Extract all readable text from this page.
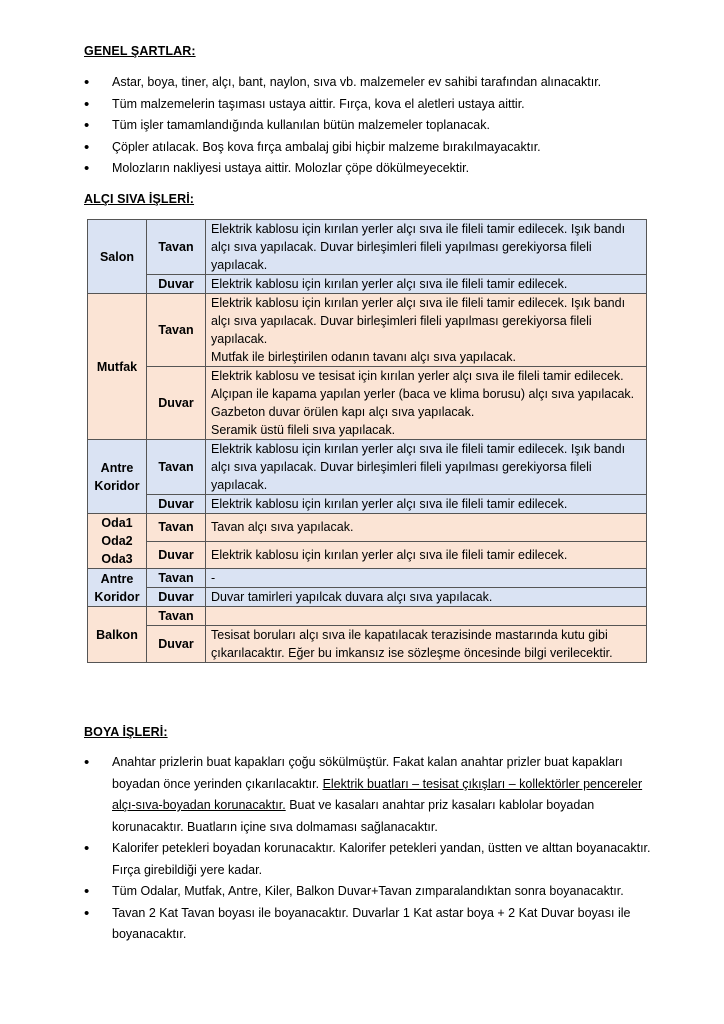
GENEL ŞARTLAR:
• Astar, boya, tiner, alçı, bant, naylon, sıva vb. malzemeler ev sahibi tarafından alınacaktır.
• Tüm malzemelerin taşıması ustaya aittir. Fırça, kova el aletleri ustaya aittir.
• Tüm işler tamamlandığında kullanılan bütün malzemeler toplanacak.
• Çöpler atılacak. Boş kova fırça ambalaj gibi hiçbir malzeme bırakılmayacaktır.
• Molozların nakliyesi ustaya aittir. Molozlar çöpe dökülmeyecektir.
ALÇI SIVA İŞLERİ:
Salon	Tavan	Elektrik kablosu için kırılan yerler alçı sıva ile fileli tamir edilecek. Işık bandı alçı sıva yapılacak. Duvar birleşimleri fileli yapılması gerekiyorsa fileli yapılacak.
	Duvar	Elektrik kablosu için kırılan yerler alçı sıva ile fileli tamir edilecek.
Mutfak	Tavan	Elektrik kablosu için kırılan yerler alçı sıva ile fileli tamir edilecek. Işık bandı alçı sıva yapılacak. Duvar birleşimleri fileli yapılması gerekiyorsa fileli yapılacak.
Mutfak ile birleştirilen odanın tavanı alçı sıva yapılacak.

	Duvar	Elektrik kablosu ve tesisat için kırılan yerler alçı sıva ile fileli tamir edilecek.
Alçıpan ile kapama yapılan yerler (baca ve klima borusu) alçı sıva yapılacak.
Gazbeton duvar örülen kapı alçı sıva yapılacak.
Seramik üstü fileli sıva yapılacak.

Antre
Koridor	Tavan	Elektrik kablosu için kırılan yerler alçı sıva ile fileli tamir edilecek. Işık bandı alçı sıva yapılacak. Duvar birleşimleri fileli yapılması gerekiyorsa fileli yapılacak.
	Duvar	Elektrik kablosu için kırılan yerler alçı sıva ile fileli tamir edilecek.

Oda1
Oda2
Oda3	Tavan	Tavan alçı sıva yapılacak.
	Duvar	Elektrik kablosu için kırılan yerler alçı sıva ile fileli tamir edilecek.

Antre
Koridor	Tavan	-
	Duvar	Duvar tamirleri yapılcak duvara alçı sıva yapılacak.
Balkon	Tavan	
	Duvar	Tesisat boruları alçı sıva ile kapatılacak terazisinde mastarında kutu gibi çıkarılacaktır. Eğer bu imkansız ise sözleşme öncesinde bilgi verilecektir.
BOYA İŞLERİ:
• Anahtar prizlerin buat kapakları çoğu sökülmüştür. Fakat kalan anahtar prizler buat kapakları boyadan önce yerinden çıkarılacaktır. Elektrik buatları – tesisat çıkışları – kollektörler pencereler alçı-sıva-boyadan korunacaktır. Buat ve kasaları anahtar priz kasaları kablolar boyadan korunacaktır. Buatların içine sıva dolmaması sağlanacaktır.
• Kalorifer petekleri boyadan korunacaktır. Kalorifer petekleri yandan, üstten ve alttan boyanacaktır. Fırça girebildiği yere kadar.
• Tüm Odalar, Mutfak, Antre, Kiler, Balkon Duvar+Tavan zımparalandıktan sonra boyanacaktır.
• Tavan 2 Kat Tavan boyası ile boyanacaktır. Duvarlar 1 Kat astar boya + 2 Kat Duvar boyası ile boyanacaktır.
